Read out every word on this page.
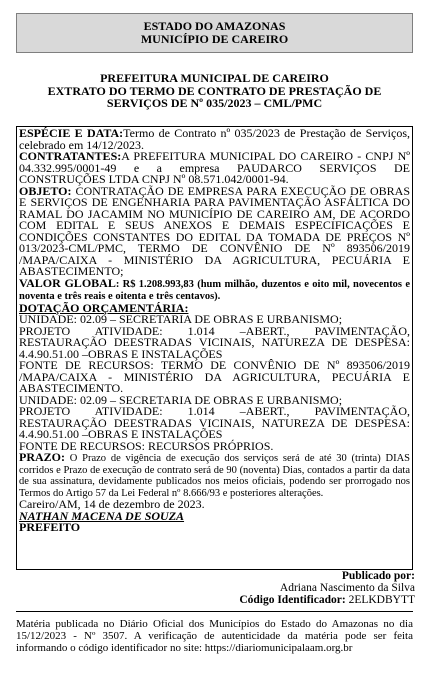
ESTADO DO AMAZONAS
MUNICÍPIO DE CAREIRO
PREFEITURA MUNICIPAL DE CAREIRO
EXTRATO DO TERMO DE CONTRATO DE PRESTAÇÃO DE
SERVIÇOS DE Nº 035/2023 – CML/PMC

ESPÉCIE E DATA:Termo de Contrato nº 035/2023 de Prestação de Serviços, celebrado em 14/12/2023.

CONTRATANTES:A PREFEITURA MUNICIPAL DO CAREIRO - CNPJ Nº 04.332.995/0001-49 e a empresa PAUDARCO SERVIÇOS DE CONSTRUÇÕES LTDA CNPJ Nº 08.571.042/0001-94.

OBJETO: CONTRATAÇÃO DE EMPRESA PARA EXECUÇÃO DE OBRAS E SERVIÇOS DE ENGENHARIA PARA PAVIMENTAÇÃO ASFÁLTICA DO RAMAL DO JACAMIM NO MUNICÍPIO DE CAREIRO AM, DE ACORDO COM EDITAL E SEUS ANEXOS E DEMAIS ESPECIFICAÇÕES E CONDIÇÕES CONSTANTES DO EDITAL DA TOMADA DE PREÇOS Nº 013/2023-CML/PMC, TERMO DE CONVÊNIO DE Nº 893506/2019 /MAPA/CAIXA - MINISTÉRIO DA AGRICULTURA, PECUÁRIA E ABASTECIMENTO;

VALOR GLOBAL: R$ 1.208.993,83 (hum milhão, duzentos e oito mil, novecentos e noventa e três reais e oitenta e três centavos).

DOTAÇÃO ORÇAMENTÁRIA:

UNIDADE: 02.09 – SECRETARIA DE OBRAS E URBANISMO;

PROJETO ATIVIDADE: 1.014 –ABERT., PAVIMENTAÇÃO, RESTAURAÇÃO DEESTRADAS VICINAIS, NATUREZA DE DESPESA: 4.4.90.51.00 –OBRAS E INSTALAÇÕES

FONTE DE RECURSOS: TERMO DE CONVÊNIO DE Nº 893506/2019 /MAPA/CAIXA - MINISTÉRIO DA AGRICULTURA, PECUÁRIA E ABASTECIMENTO.

UNIDADE: 02.09 – SECRETARIA DE OBRAS E URBANISMO;

PROJETO ATIVIDADE: 1.014 –ABERT., PAVIMENTAÇÃO, RESTAURAÇÃO DEESTRADAS VICINAIS, NATUREZA DE DESPESA: 4.4.90.51.00 –OBRAS E INSTALAÇÕES

FONTE DE RECURSOS: RECURSOS PRÓPRIOS.

PRAZO: O Prazo de vigência de execução dos serviços será de até 30 (trinta) DIAS corridos e Prazo de execução de contrato será de 90 (noventa) Dias, contados a partir da data de sua assinatura, devidamente publicados nos meios oficiais, podendo ser prorrogado nos Termos do Artigo 57 da Lei Federal nº 8.666/93 e posteriores alterações.

Careiro/AM, 14 de dezembro de 2023.

NATHAN MACENA DE SOUZA

PREFEITO

Publicado por:
Adriana Nascimento da Silva
Código Identificador: 2ELKDBYTT
Matéria publicada no Diário Oficial dos Municípios do Estado do Amazonas no dia 15/12/2023 - Nº 3507. A verificação de autenticidade da matéria pode ser feita informando o código identificador no site: https://diariomunicipalaam.org.br
